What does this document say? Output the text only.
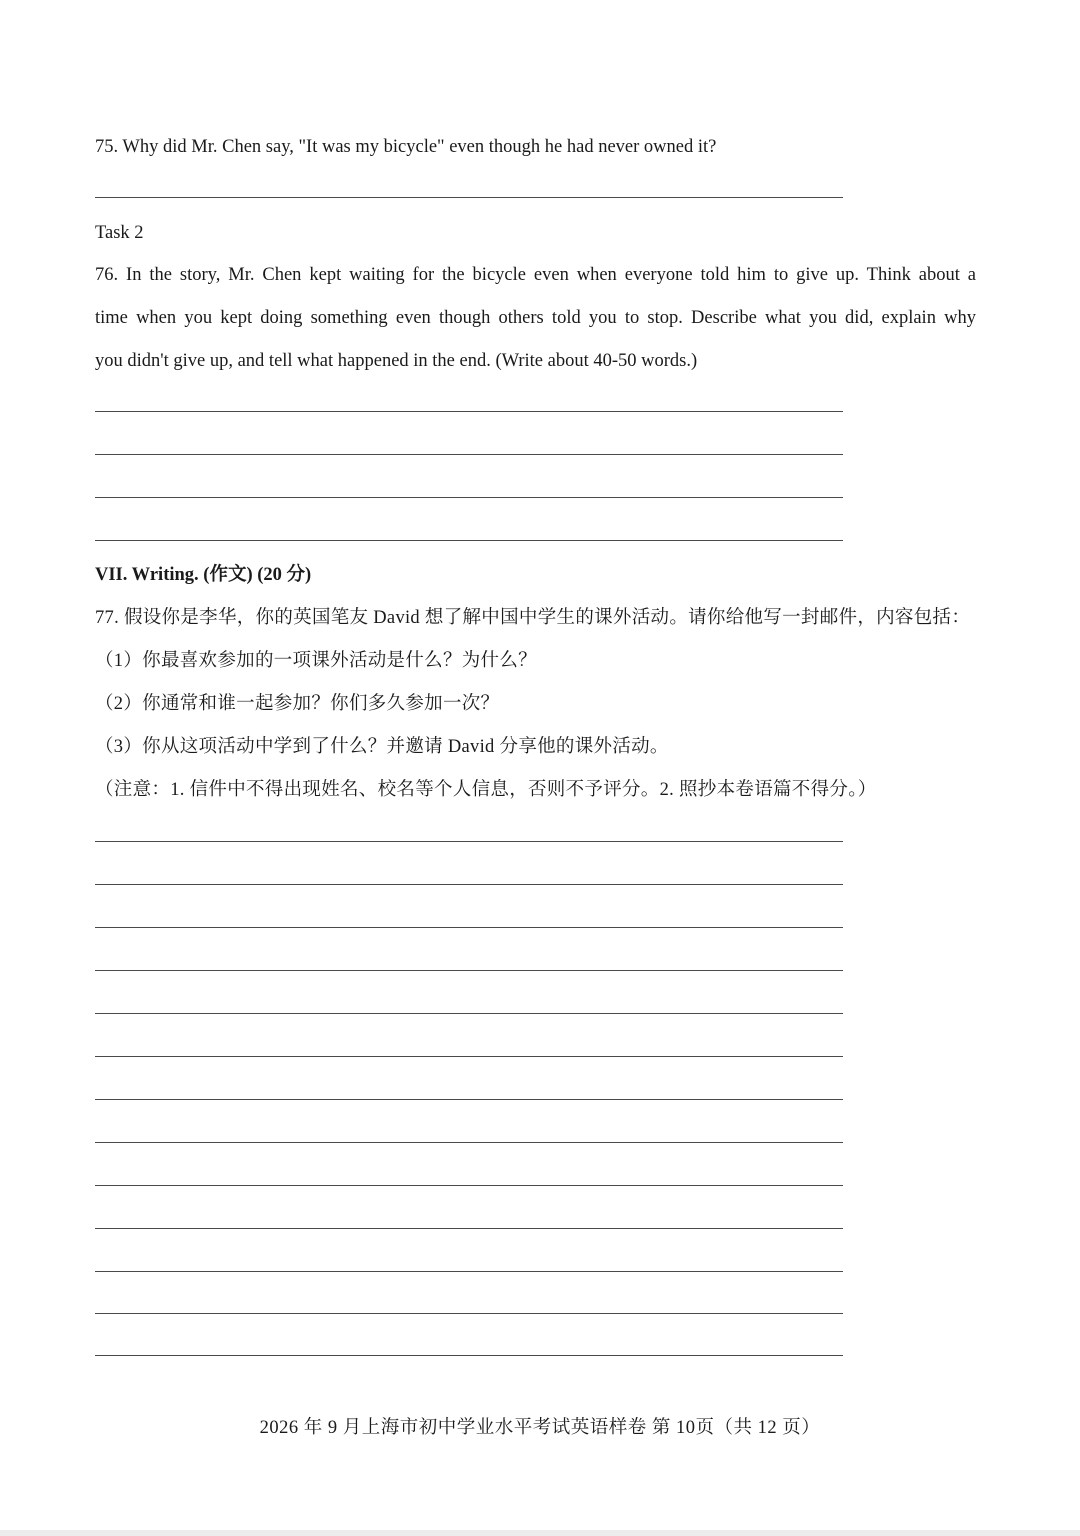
75. Why did Mr. Chen say, "It was my bicycle" even though he had never owned it?
Task 2
76. In the story, Mr. Chen kept waiting for the bicycle even when everyone told him to give up. Think about a
time when you kept doing something even though others told you to stop. Describe what you did, explain why
you didn't give up, and tell what happened in the end. (Write about 40-50 words.)
VII. Writing. (作文) (20 分)
77. 假设你是李华，你的英国笔友 David 想了解中国中学生的课外活动。请你给他写一封邮件，内容包括：
（1）你最喜欢参加的一项课外活动是什么？为什么？
（2）你通常和谁一起参加？你们多久参加一次？
（3）你从这项活动中学到了什么？并邀请 David 分享他的课外活动。
（注意：1. 信件中不得出现姓名、校名等个人信息，否则不予评分。2. 照抄本卷语篇不得分。）
2026 年 9 月上海市初中学业水平考试英语样卷 第 10页（共 12 页）
